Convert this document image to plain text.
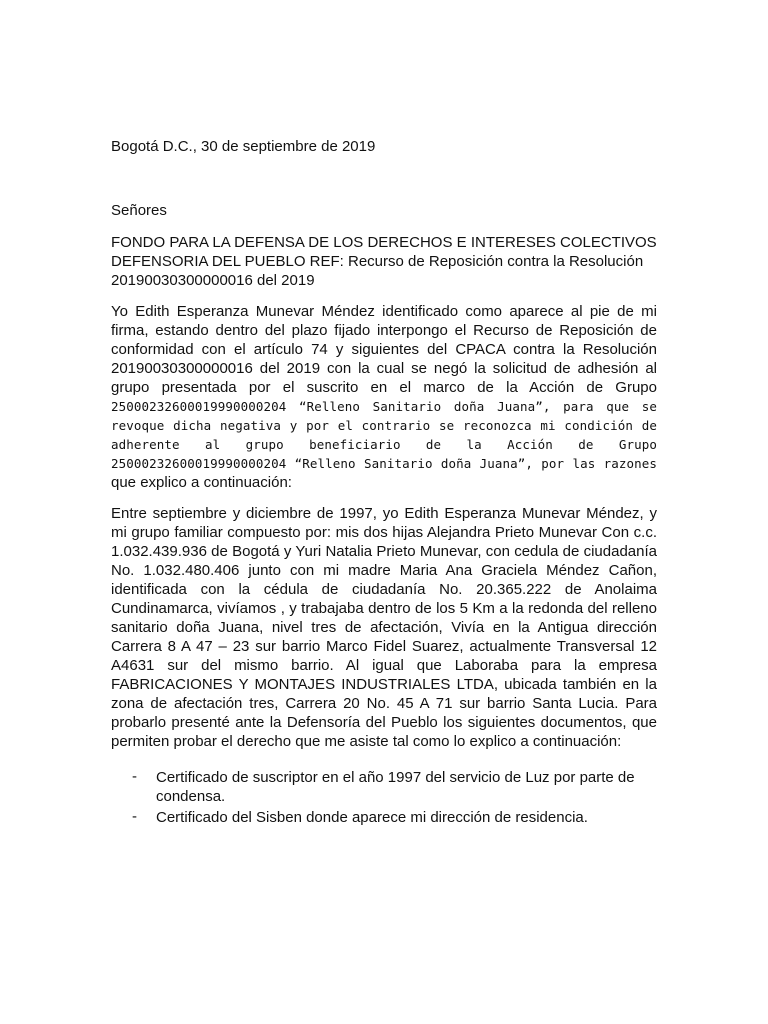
Bogotá D.C., 30 de septiembre de 2019

Señores

FONDO PARA LA DEFENSA DE LOS DERECHOS E INTERESES COLECTIVOS DEFENSORIA DEL PUEBLO REF: Recurso de Reposición contra la Resolución 20190030300000016 del 2019

Yo Edith Esperanza Munevar Méndez identificado como aparece al pie de mi firma, estando dentro del plazo fijado interpongo el Recurso de Reposición de conformidad con el artículo 74 y siguientes del CPACA contra la Resolución 20190030300000016 del 2019 con la cual se negó la solicitud de adhesión al grupo presentada por el suscrito en el marco de la Acción de Grupo 25000232600019990000204 “Relleno Sanitario doña Juana”, para que se revoque dicha negativa y por el contrario se reconozca mi condición de adherente al grupo beneficiario de la Acción de Grupo 25000232600019990000204 “Relleno Sanitario doña Juana”, por las razones que explico a continuación:

Entre septiembre y diciembre de 1997, yo Edith Esperanza Munevar Méndez, y mi grupo familiar compuesto por: mis dos hijas Alejandra Prieto Munevar Con c.c. 1.032.439.936 de Bogotá y Yuri Natalia Prieto Munevar, con cedula de ciudadanía No. 1.032.480.406 junto con mi madre Maria Ana Graciela Méndez Cañon, identificada con la cédula de ciudadanía No. 20.365.222 de Anolaima Cundinamarca, vivíamos , y trabajaba dentro de los 5 Km a la redonda del relleno sanitario doña Juana, nivel tres de afectación, Vivía en la Antigua dirección Carrera 8 A 47 – 23 sur barrio Marco Fidel Suarez, actualmente Transversal 12 A4631 sur del mismo barrio. Al igual que Laboraba para la empresa FABRICACIONES Y MONTAJES INDUSTRIALES LTDA, ubicada también en la zona de afectación tres, Carrera 20 No. 45 A 71 sur barrio Santa Lucia. Para probarlo presenté ante la Defensoría del Pueblo los siguientes documentos, que permiten probar el derecho que me asiste tal como lo explico a continuación:

- Certificado de suscriptor en el año 1997 del servicio de Luz por parte de condensa.
- Certificado del Sisben donde aparece mi dirección de residencia.
